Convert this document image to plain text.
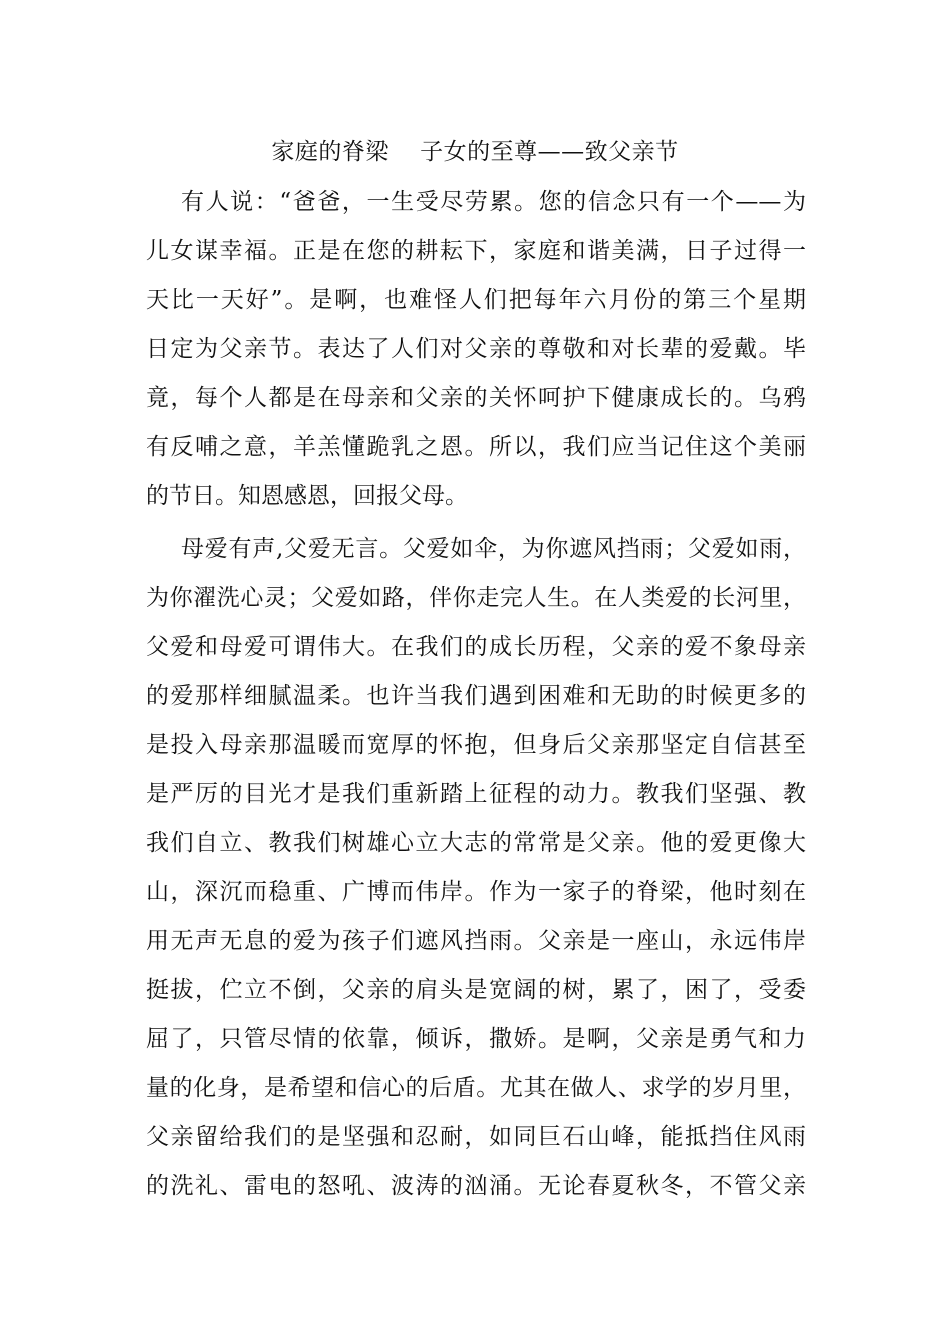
家庭的脊梁    子女的至尊——致父亲节
有人说：“爸爸，一生受尽劳累。您的信念只有一个——为
儿女谋幸福。正是在您的耕耘下，家庭和谐美满，日子过得一
天比一天好”。是啊，也难怪人们把每年六月份的第三个星期
日定为父亲节。表达了人们对父亲的尊敬和对长辈的爱戴。毕
竟，每个人都是在母亲和父亲的关怀呵护下健康成长的。乌鸦
有反哺之意，羊羔懂跪乳之恩。所以，我们应当记住这个美丽
的节日。知恩感恩，回报父母。
母爱有声,父爱无言。父爱如伞，为你遮风挡雨；父爱如雨，
为你濯洗心灵；父爱如路，伴你走完人生。在人类爱的长河里，
父爱和母爱可谓伟大。在我们的成长历程，父亲的爱不象母亲
的爱那样细腻温柔。也许当我们遇到困难和无助的时候更多的
是投入母亲那温暖而宽厚的怀抱，但身后父亲那坚定自信甚至
是严厉的目光才是我们重新踏上征程的动力。教我们坚强、教
我们自立、教我们树雄心立大志的常常是父亲。他的爱更像大
山，深沉而稳重、广博而伟岸。作为一家子的脊梁，他时刻在
用无声无息的爱为孩子们遮风挡雨。父亲是一座山，永远伟岸
挺拔，伫立不倒，父亲的肩头是宽阔的树，累了，困了，受委
屈了，只管尽情的依靠，倾诉，撒娇。是啊，父亲是勇气和力
量的化身，是希望和信心的后盾。尤其在做人、求学的岁月里，
父亲留给我们的是坚强和忍耐，如同巨石山峰，能抵挡住风雨
的洗礼、雷电的怒吼、波涛的汹涌。无论春夏秋冬，不管父亲
